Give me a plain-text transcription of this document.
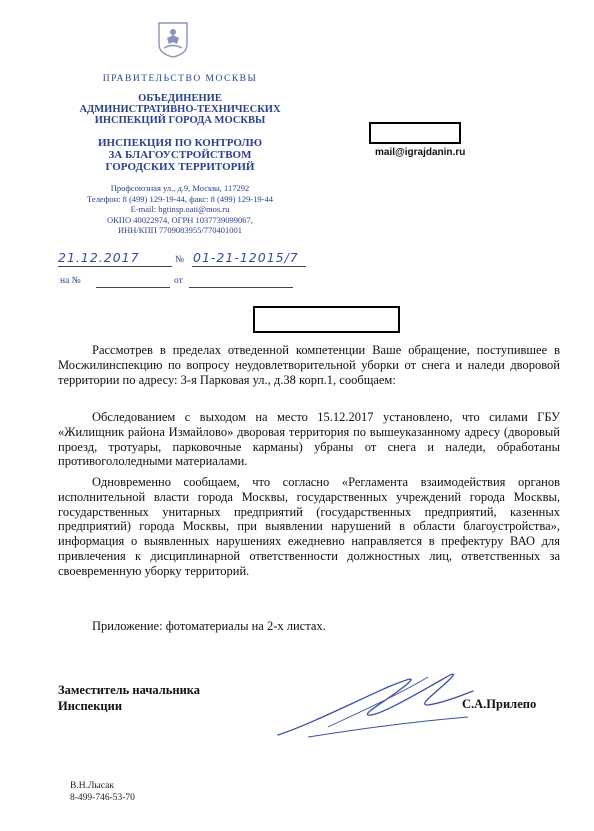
ПРАВИТЕЛЬСТВО МОСКВЫ
ОБЪЕДИНЕНИЕ
АДМИНИСТРАТИВНО-ТЕХНИЧЕСКИХ
ИНСПЕКЦИЙ ГОРОДА МОСКВЫ
ИНСПЕКЦИЯ ПО КОНТРОЛЮ
ЗА БЛАГОУСТРОЙСТВОМ
ГОРОДСКИХ ТЕРРИТОРИЙ
Профсоюзная ул., д.9, Москва, 117292
Телефон: 8 (499) 129-19-44, факс: 8 (499) 129-19-44
E-mail: bgtinsp.oati@mos.ru
ОКПО 40022974, ОГРН 1037739099067,
ИНН/КПП 7709083955/770401001
mail@igrajdanin.ru
21.12.2017	01-21-12015/7
№
на №	от

Рассмотрев в пределах отведенной компетенции Ваше обращение, поступившее в Мосжилинспекцию по вопросу неудовлетворительной уборки от снега и наледи дворовой территории по адресу: 3-я Парковая ул., д.38 корп.1, сообщаем:

Обследованием с выходом на место 15.12.2017 установлено, что силами ГБУ «Жилищник района Измайлово» дворовая территория по вышеуказанному адресу (дворовый проезд, тротуары, парковочные карманы) убраны от снега и наледи, обработаны противогололедными материалами.

Одновременно сообщаем, что согласно «Регламента взаимодействия органов исполнительной власти города Москвы, государственных учреждений города Москвы, государственных унитарных предприятий (государственных предприятий, казенных предприятий) города Москвы, при выявлении нарушений в области благоустройства», информация о выявленных нарушениях ежедневно направляется в префектуру ВАО для привлечения к дисциплинарной ответственности должностных лиц, ответственных за своевременную уборку территорий.

Приложение: фотоматериалы на 2-х листах.
Заместитель начальника
Инспекции	С.А.Прилепо
В.Н.Лысак
8-499-746-53-70
